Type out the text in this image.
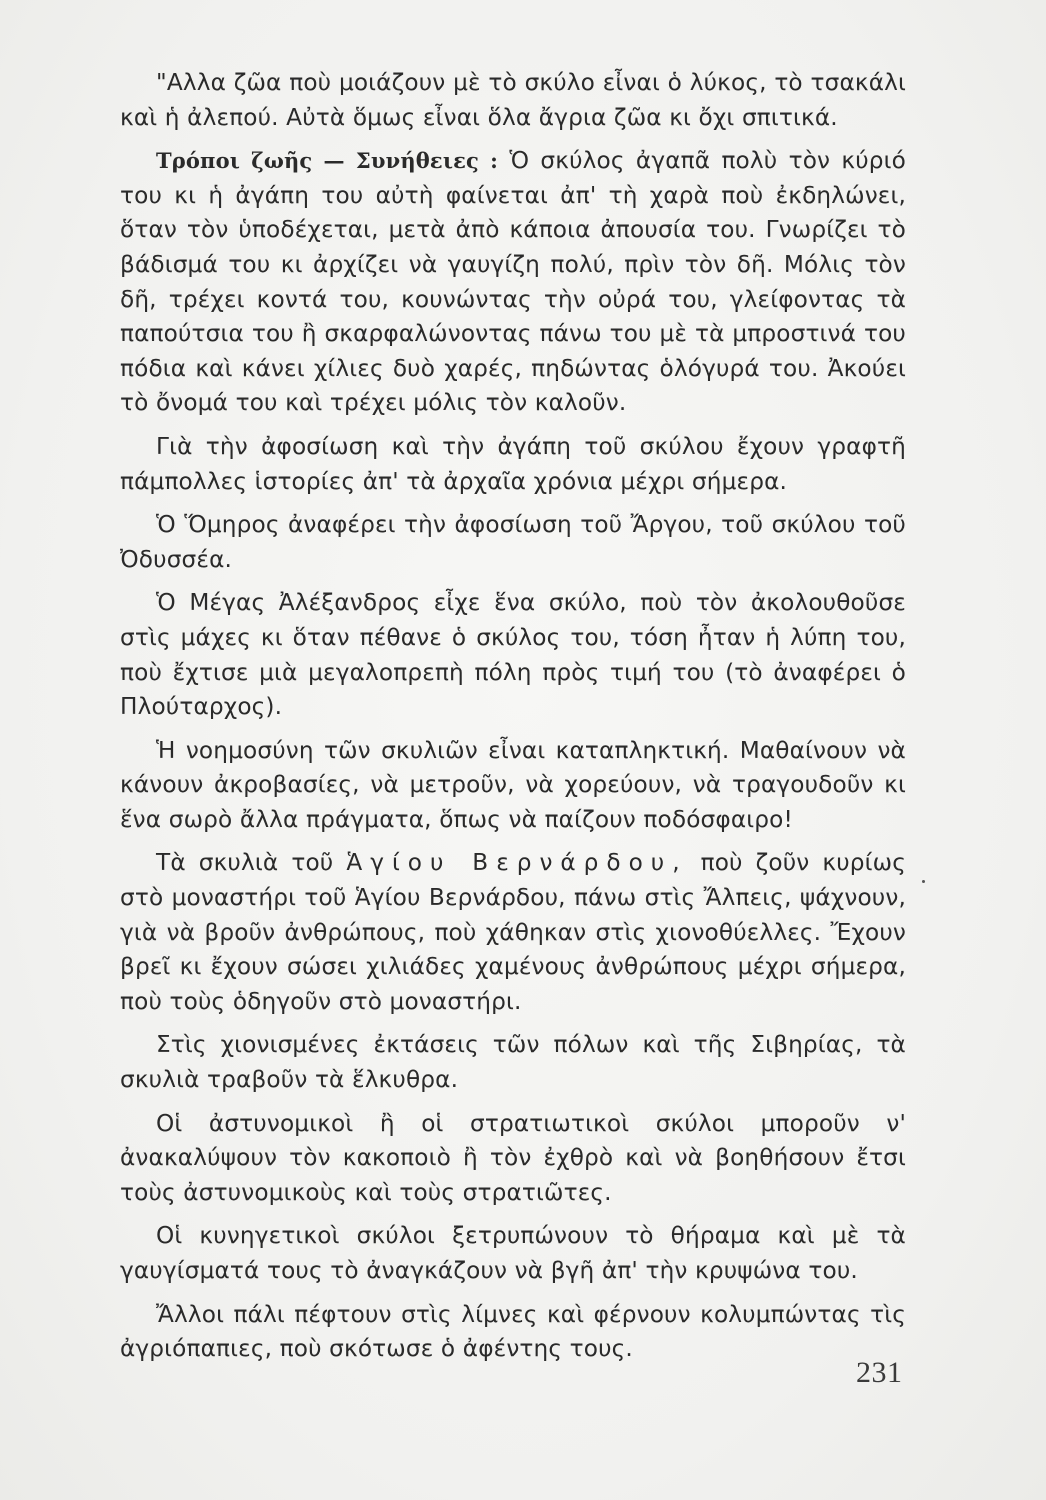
"Αλλα ζῶα ποὺ μοιάζουν μὲ τὸ σκύλο εἶναι ὁ λύκος, τὸ τσακάλι καὶ ἡ ἀλεπού. Αὐτὰ ὅμως εἶναι ὅλα ἄγρια ζῶα κι ὄχι σπιτικά.

Τρόποι ζωῆς — Συνήθειες : Ὁ σκύλος ἀγαπᾶ πολὺ τὸν κύριό του κι ἡ ἀγάπη του αὐτὴ φαίνεται ἀπ' τὴ χαρὰ ποὺ ἐκδηλώνει, ὅταν τὸν ὑποδέχεται, μετὰ ἀπὸ κάποια ἀπουσία του. Γνωρίζει τὸ βάδισμά του κι ἀρχίζει νὰ γαυγίζη πολύ, πρὶν τὸν δῆ. Μόλις τὸν δῆ, τρέχει κοντά του, κουνώντας τὴν οὐρά του, γλείφοντας τὰ παπούτσια του ἢ σκαρφαλώνοντας πάνω του μὲ τὰ μπροστινά του πόδια καὶ κάνει χίλιες δυὸ χαρές, πηδώντας ὁλόγυρά του. Ἀκούει τὸ ὄνομά του καὶ τρέχει μόλις τὸν καλοῦν.

Γιὰ τὴν ἀφοσίωση καὶ τὴν ἀγάπη τοῦ σκύλου ἔχουν γραφτῆ πάμπολλες ἱστορίες ἀπ' τὰ ἀρχαῖα χρόνια μέχρι σήμερα.

Ὁ Ὅμηρος ἀναφέρει τὴν ἀφοσίωση τοῦ Ἄργου, τοῦ σκύλου τοῦ Ὀδυσσέα.

Ὁ Μέγας Ἀλέξανδρος εἶχε ἕνα σκύλο, ποὺ τὸν ἀκολουθοῦσε στὶς μάχες κι ὅταν πέθανε ὁ σκύλος του, τόση ἦταν ἡ λύπη του, ποὺ ἔχτισε μιὰ μεγαλοπρεπὴ πόλη πρὸς τιμή του (τὸ ἀναφέρει ὁ Πλούταρχος).

Ἡ νοημοσύνη τῶν σκυλιῶν εἶναι καταπληκτική. Μαθαίνουν νὰ κάνουν ἀκροβασίες, νὰ μετροῦν, νὰ χορεύουν, νὰ τραγουδοῦν κι ἕνα σωρὸ ἄλλα πράγματα, ὅπως νὰ παίζουν ποδόσφαιρο!

Τὰ σκυλιὰ τοῦ Ἁγίου Βερνάρδου, ποὺ ζοῦν κυρίως στὸ μοναστήρι τοῦ Ἁγίου Βερνάρδου, πάνω στὶς Ἄλπεις, ψάχνουν, γιὰ νὰ βροῦν ἀνθρώπους, ποὺ χάθηκαν στὶς χιονοθύελλες. Ἔχουν βρεῖ κι ἔχουν σώσει χιλιάδες χαμένους ἀνθρώπους μέχρι σήμερα, ποὺ τοὺς ὁδηγοῦν στὸ μοναστήρι.

Στὶς χιονισμένες ἐκτάσεις τῶν πόλων καὶ τῆς Σιβηρίας, τὰ σκυλιὰ τραβοῦν τὰ ἕλκυθρα.

Οἱ ἀστυνομικοὶ ἢ οἱ στρατιωτικοὶ σκύλοι μποροῦν ν' ἀνακαλύψουν τὸν κακοποιὸ ἢ τὸν ἐχθρὸ καὶ νὰ βοηθήσουν ἔτσι τοὺς ἀστυνομικοὺς καὶ τοὺς στρατιῶτες.

Οἱ κυνηγετικοὶ σκύλοι ξετρυπώνουν τὸ θήραμα καὶ μὲ τὰ γαυγίσματά τους τὸ ἀναγκάζουν νὰ βγῆ ἀπ' τὴν κρυψώνα του.

Ἄλλοι πάλι πέφτουν στὶς λίμνες καὶ φέρνουν κολυμπώντας τὶς ἀγριόπαπιες, ποὺ σκότωσε ὁ ἀφέντης τους.

231
